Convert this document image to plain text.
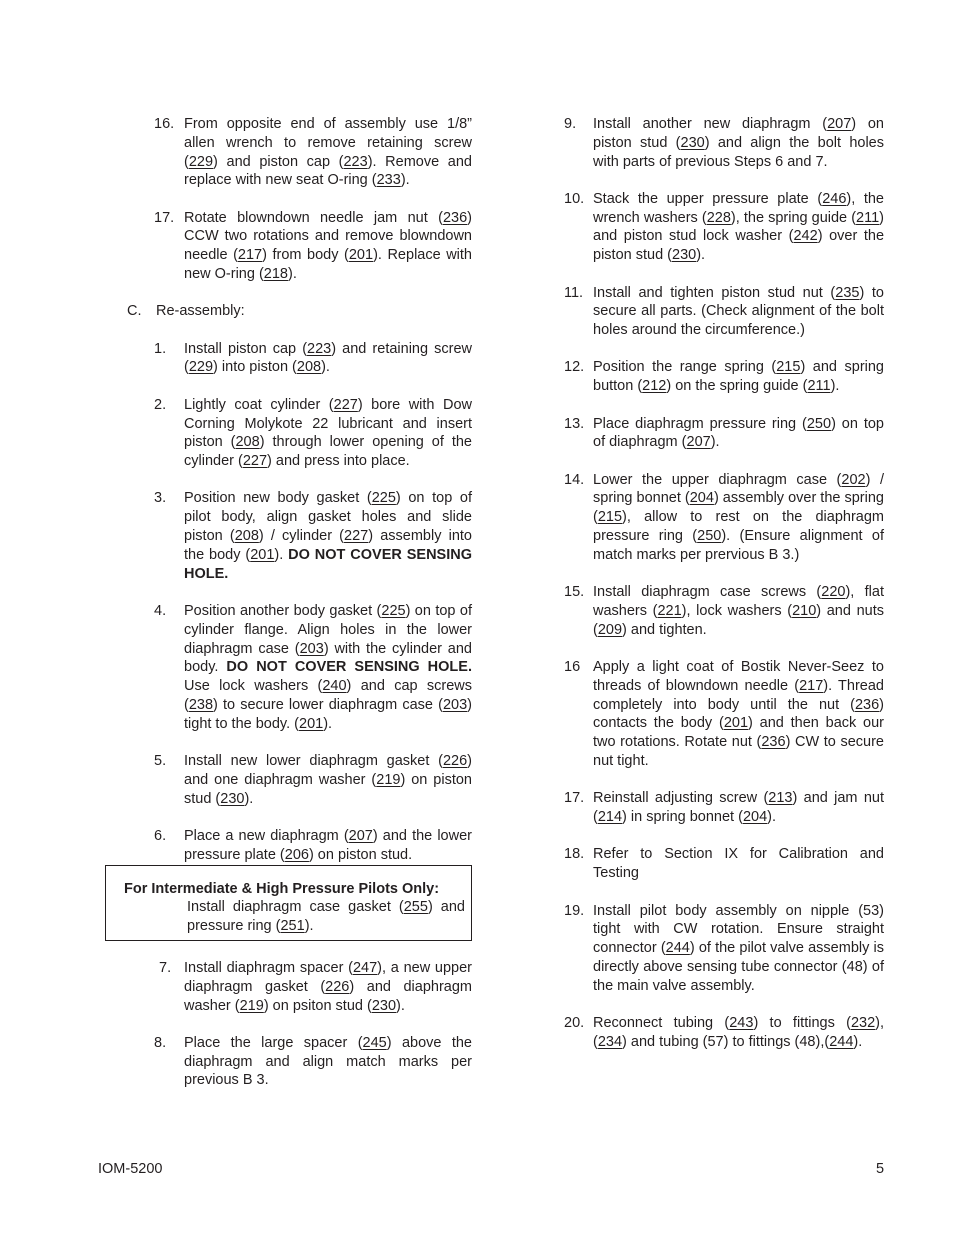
16. From opposite end of assembly use 1/8” allen wrench to remove retaining screw (229) and piston cap (223). Remove and replace with new seat O-ring (233).

17. Rotate blowndown needle jam nut (236) CCW two rotations and remove blowndown needle (217) from body (201). Replace with new O-ring (218).

C. Re-assembly:

1. Install piston cap (223) and retaining screw (229) into piston (208).

2. Lightly coat cylinder (227) bore with Dow Corning Molykote 22 lubricant and insert piston (208) through lower opening of the cylinder (227) and press into place.

3. Position new body gasket (225) on top of pilot body, align gasket holes and slide piston (208) / cylinder (227) assembly into the body (201). DO NOT COVER SENSING HOLE.

4. Position another body gasket (225) on top of cylinder flange. Align holes in the lower diaphragm case (203) with the cylinder and body. DO NOT COVER SENSING HOLE. Use lock washers (240) and cap screws (238) to secure lower diaphragm case (203) tight to the body. (201).

5. Install new lower diaphragm gasket (226) and one diaphragm washer (219) on piston stud (230).

6. Place a new diaphragm (207) and the lower pressure plate (206) on piston stud.

For Intermediate & High Pressure Pilots Only:

Install diaphragm case gasket (255) and pressure ring (251).

7. Install diaphragm spacer (247), a new upper diaphragm gasket (226) and diaphragm washer (219) on psiton stud (230).

8. Place the large spacer (245) above the diaphragm and align match marks per previous B 3.

9. Install another new diaphragm (207) on piston stud (230) and align the bolt holes with parts of previous Steps 6 and 7.

10. Stack the upper pressure plate (246), the wrench washers (228), the spring guide (211) and piston stud lock washer (242) over the piston stud (230).

11. Install and tighten piston stud nut (235) to secure all parts. (Check alignment of the bolt holes around the circumference.)

12. Position the range spring (215) and spring button (212) on the spring guide (211).

13. Place diaphragm pressure ring (250) on top of diaphragm (207).

14. Lower the upper diaphragm case (202) / spring bonnet (204) assembly over the spring (215), allow to rest on the diaphragm pressure ring (250). (Ensure alignment of match marks per prervious B 3.)

15. Install diaphragm case screws (220), flat washers (221), lock washers (210) and nuts (209) and tighten.

16 Apply a light coat of Bostik Never-Seez to threads of blowndown needle (217). Thread completely into body until the nut (236) contacts the body (201) and then back our two rotations. Rotate nut (236) CW to secure nut tight.

17. Reinstall adjusting screw (213) and jam nut (214) in spring bonnet (204).

18. Refer to Section IX for Calibration and Testing

19. Install pilot body assembly on nipple (53) tight with CW rotation. Ensure straight connector (244) of the pilot valve assembly is directly above sensing tube connector (48) of the main valve assembly.

20. Reconnect tubing (243) to fittings (232), (234) and tubing (57) to fittings (48),(244).

IOM-5200	5
